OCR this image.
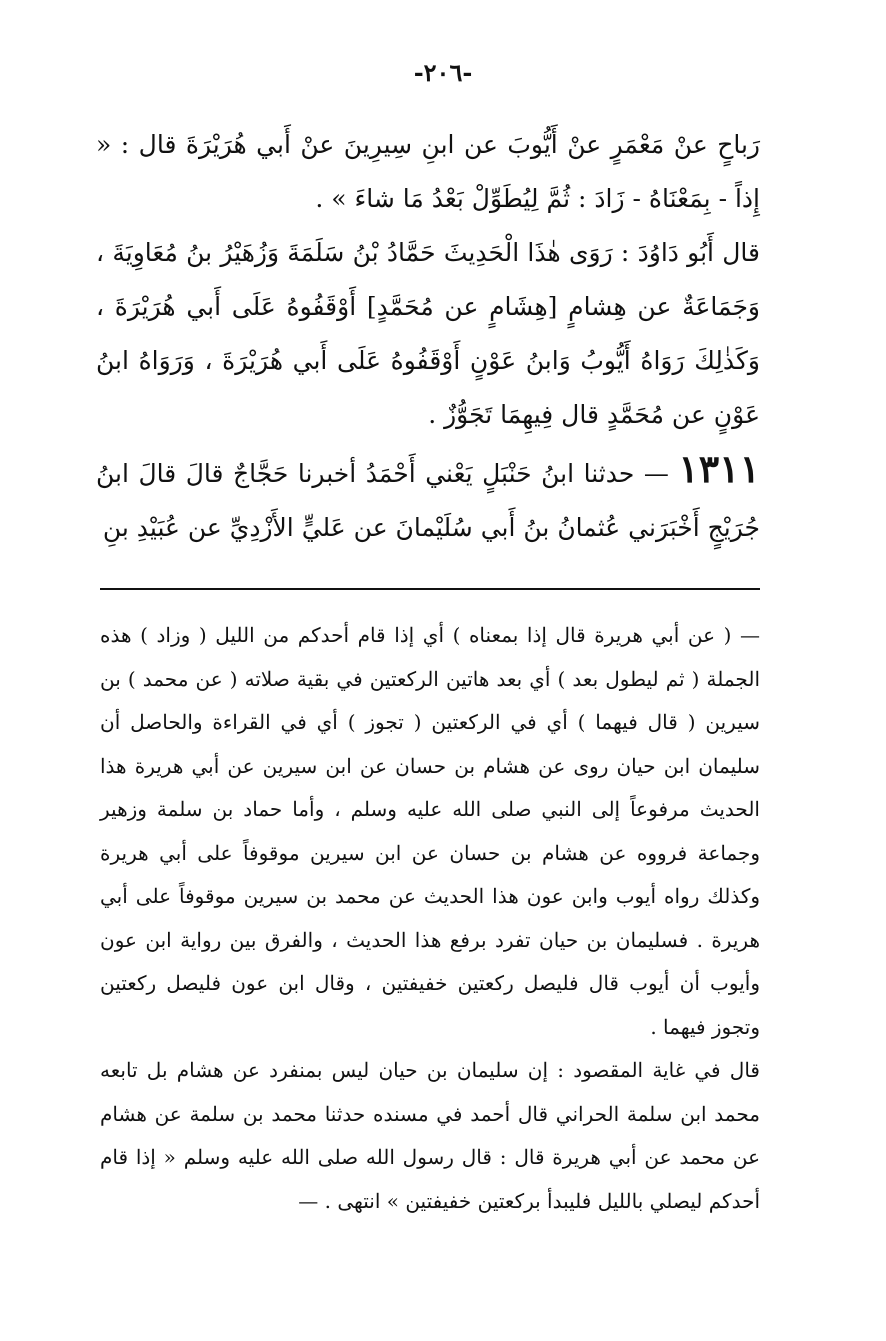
-٢٠٦-

رَباحٍ عنْ مَعْمَرٍ عنْ أَيُّوبَ عن ابنِ سِيرِينَ عنْ أَبي هُرَيْرَةَ قال : « إِذاً - بِمَعْنَاهُ - زَادَ : ثُمَّ لِيُطَوِّلْ بَعْدُ مَا شاءَ » .

قال أَبُو دَاوُدَ : رَوَى هٰذَا الْحَدِيثَ حَمَّادُ بْنُ سَلَمَةَ وَزُهَيْرُ بنُ مُعَاوِيَةَ ، وَجَمَاعَةٌ عن هِشامٍ [هِشَامٍ عن مُحَمَّدٍ] أَوْقَفُوهُ عَلَى أَبي هُرَيْرَةَ ، وَكَذٰلِكَ رَوَاهُ أَيُّوبُ وَابنُ عَوْنٍ أَوْقَفُوهُ عَلَى أَبي هُرَيْرَةَ ، وَرَوَاهُ ابنُ عَوْنٍ عن مُحَمَّدٍ قال فِيهِمَا تَجَوُّزٌ .

١٣١١ — حدثنا ابنُ حَنْبَلٍ يَعْني أَحْمَدُ أخبرنا حَجَّاجٌ قالَ قالَ ابنُ جُرَيْجٍ أَخْبَرَني عُثمانُ بنُ أَبي سُلَيْمانَ عن عَليٍّ الأَزْدِيِّ عن عُبَيْدِ بنِ

— ( عن أبي هريرة قال إذا بمعناه ) أي إذا قام أحدكم من الليل ( وزاد ) هذه الجملة ( ثم ليطول بعد ) أي بعد هاتين الركعتين في بقية صلاته ( عن محمد ) بن سيرين ( قال فيهما ) أي في الركعتين ( تجوز ) أي في القراءة والحاصل أن سليمان ابن حيان روى عن هشام بن حسان عن ابن سيرين عن أبي هريرة هذا الحديث مرفوعاً إلى النبي صلى الله عليه وسلم ، وأما حماد بن سلمة وزهير وجماعة فرووه عن هشام بن حسان عن ابن سيرين موقوفاً على أبي هريرة وكذلك رواه أيوب وابن عون هذا الحديث عن محمد بن سيرين موقوفاً على أبي هريرة . فسليمان بن حيان تفرد برفع هذا الحديث ، والفرق بين رواية ابن عون وأيوب أن أيوب قال فليصل ركعتين خفيفتين ، وقال ابن عون فليصل ركعتين وتجوز فيهما .

قال في غاية المقصود : إن سليمان بن حيان ليس بمنفرد عن هشام بل تابعه محمد ابن سلمة الحراني قال أحمد في مسنده حدثنا محمد بن سلمة عن هشام عن محمد عن أبي هريرة قال : قال رسول الله صلى الله عليه وسلم « إذا قام أحدكم ليصلي بالليل فليبدأ بركعتين خفيفتين » انتهى . —
